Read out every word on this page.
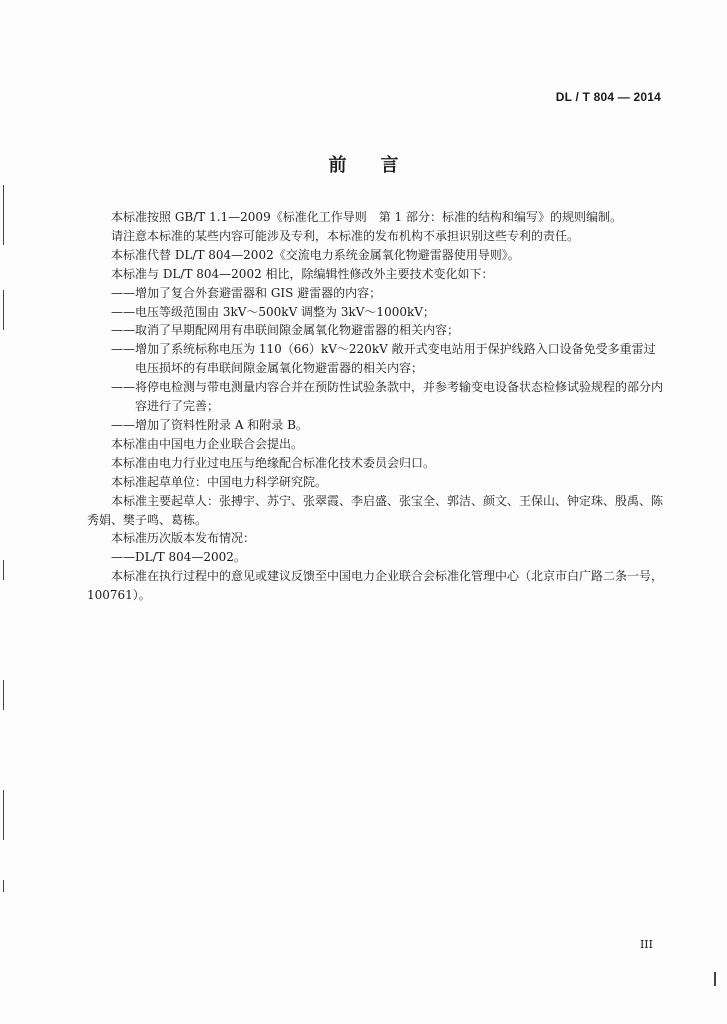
DL / T 804 — 2014
前言

本标准按照 GB/T 1.1—2009《标准化工作导则　第 1 部分：标准的结构和编写》的规则编制。

请注意本标准的某些内容可能涉及专利，本标准的发布机构不承担识别这些专利的责任。

本标准代替 DL/T 804—2002《交流电力系统金属氧化物避雷器使用导则》。

本标准与 DL/T 804—2002 相比，除编辑性修改外主要技术变化如下：

——增加了复合外套避雷器和 GIS 避雷器的内容；

——电压等级范围由 3kV～500kV 调整为 3kV～1000kV；

——取消了早期配网用有串联间隙金属氧化物避雷器的相关内容；

——增加了系统标称电压为 110（66）kV～220kV 敞开式变电站用于保护线路入口设备免受多重雷过电压损坏的有串联间隙金属氧化物避雷器的相关内容；

——将停电检测与带电测量内容合并在预防性试验条款中，并参考输变电设备状态检修试验规程的部分内容进行了完善；

——增加了资料性附录 A 和附录 B。

本标准由中国电力企业联合会提出。

本标准由电力行业过电压与绝缘配合标准化技术委员会归口。

本标准起草单位：中国电力科学研究院。

本标准主要起草人：张搏宇、苏宁、张翠霞、李启盛、张宝全、郭洁、颜文、王保山、钟定珠、殷禹、陈秀娟、樊子鸣、葛栋。

本标准历次版本发布情况：

——DL/T 804—2002。

本标准在执行过程中的意见或建议反馈至中国电力企业联合会标准化管理中心（北京市白广路二条一号，100761）。

III
